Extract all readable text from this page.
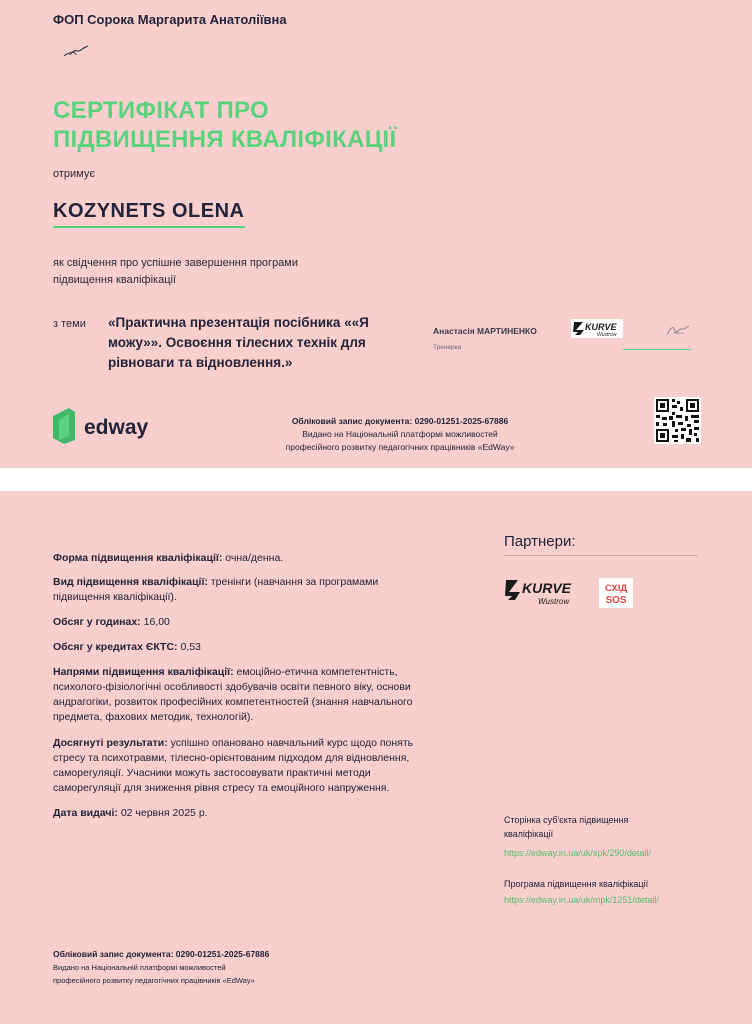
ФОП Сорока Маргарита Анатоліївна
СЕРТИФІКАТ ПРО
ПІДВИЩЕННЯ КВАЛІФІКАЦІЇ
отримує
KOZYNETS OLENA
як свідчення про успішне завершення програми
підвищення кваліфікації
з теми «Практична презентація посібника ««Я
можу»». Освоєння тілесних технік для
рівноваги та відновлення.»
Анастасія МАРТИНЕНКО
Тренерка
KURVE
Wustrow
edway	Обліковий запис документа: 0290-01251-2025-67886
Видано на Національній платформі можливостей
професійного розвитку педагогічних працівників «EdWay»
Форма підвищення кваліфікації: очна/денна.
Вид підвищення кваліфікації: тренінги (навчання за програмами
підвищення кваліфікації).
Обсяг у годинах: 16,00
Обсяг у кредитах ЄКТС: 0,53
Напрями підвищення кваліфікації: емоційно-етична компетентність,
психолого-фізіологічні особливості здобувачів освіти певного віку, основи
андрагогіки, розвиток професійних компетентностей (знання навчального
предмета, фахових методик, технологій).
Досягнуті результати: успішно опановано навчальний курс щодо понять
стресу та психотравми, тілесно-орієнтованим підходом для відновлення,
саморегуляції. Учасники можуть застосовувати практичні методи
саморегуляції для зниження рівня стресу та емоційного напруження.
Дата видачі: 02 червня 2025 р.
Партнери:
KURVE
Wustrow
СХІД
SOS
Сторінка суб'єкта підвищення
кваліфікації
https://edway.in.ua/uk/spk/290/detail/
Програма підвищення кваліфікації
https://edway.in.ua/uk/mpk/1251/detail/
Обліковий запис документа: 0290-01251-2025-67886
Видано на Національній платформі можливостей
професійного розвитку педагогічних працівників «EdWay»
